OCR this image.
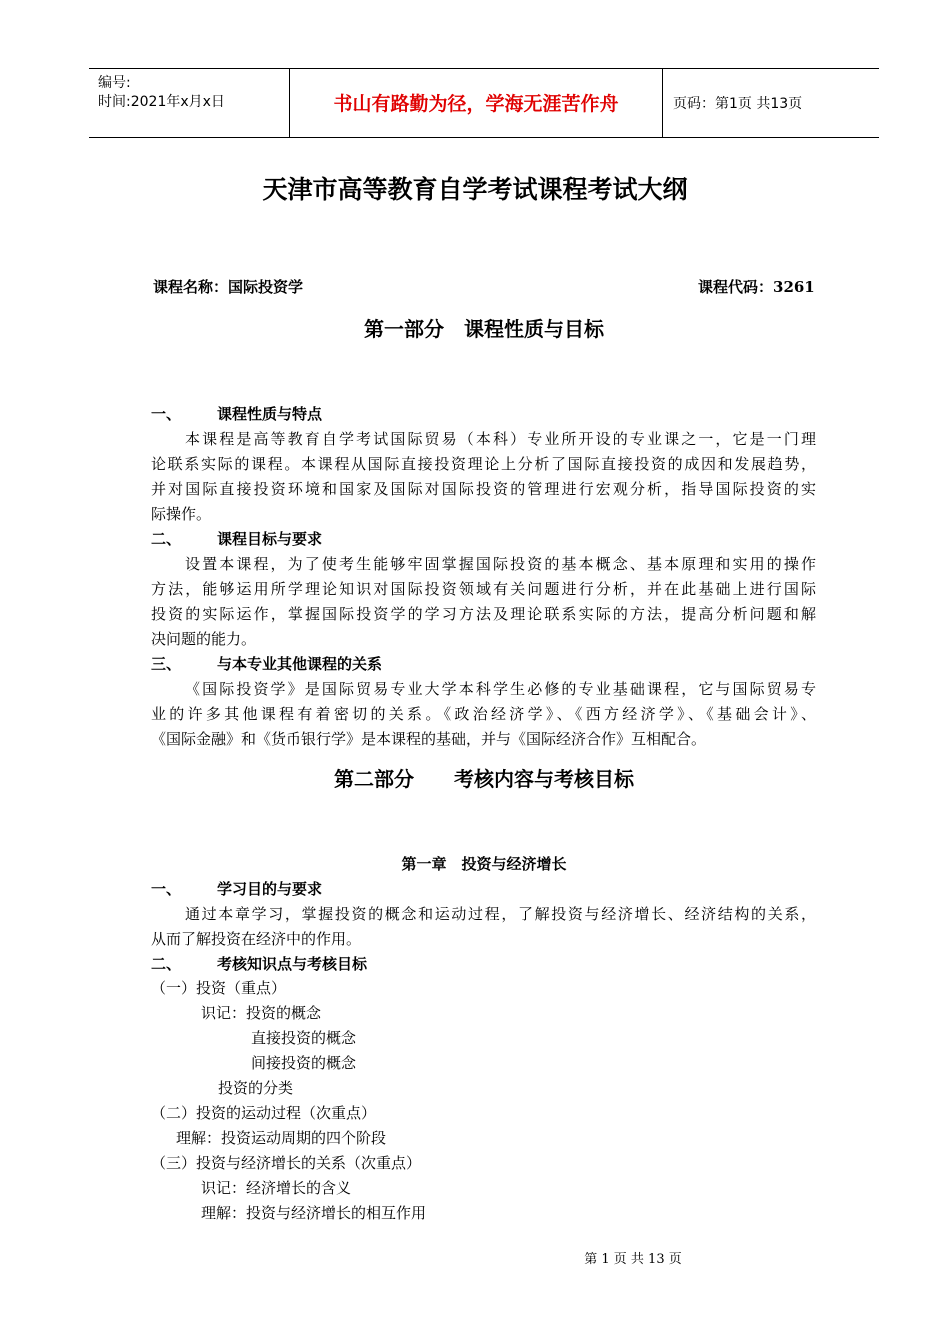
编号:
时间:2021年x月x日	书山有路勤为径，学海无涯苦作舟	页码：第1页 共13页
天津市高等教育自学考试课程考试大纲
课程名称：国际投资学	课程代码：3261
第一部分　课程性质与目标
一、 课程性质与特点
本课程是高等教育自学考试国际贸易（本科）专业所开设的专业课之一，它是一门理
论联系实际的课程。本课程从国际直接投资理论上分析了国际直接投资的成因和发展趋势，
并对国际直接投资环境和国家及国际对国际投资的管理进行宏观分析，指导国际投资的实
际操作。
二、 课程目标与要求
设置本课程，为了使考生能够牢固掌握国际投资的基本概念、基本原理和实用的操作
方法，能够运用所学理论知识对国际投资领域有关问题进行分析，并在此基础上进行国际
投资的实际运作，掌握国际投资学的学习方法及理论联系实际的方法，提高分析问题和解
决问题的能力。
三、 与本专业其他课程的关系
《国际投资学》是国际贸易专业大学本科学生必修的专业基础课程，它与国际贸易专
业的许多其他课程有着密切的关系。《政治经济学》、《西方经济学》、《基础会计》、
《国际金融》和《货币银行学》是本课程的基础，并与《国际经济合作》互相配合。
第二部分　　考核内容与考核目标
第一章　投资与经济增长
一、 学习目的与要求
通过本章学习，掌握投资的概念和运动过程，了解投资与经济增长、经济结构的关系，
从而了解投资在经济中的作用。
二、 考核知识点与考核目标
（一）投资（重点）
识记：投资的概念
直接投资的概念
间接投资的概念
投资的分类
（二）投资的运动过程（次重点）
理解：投资运动周期的四个阶段
（三）投资与经济增长的关系（次重点）
识记：经济增长的含义
理解：投资与经济增长的相互作用
第 1 页 共 13 页
